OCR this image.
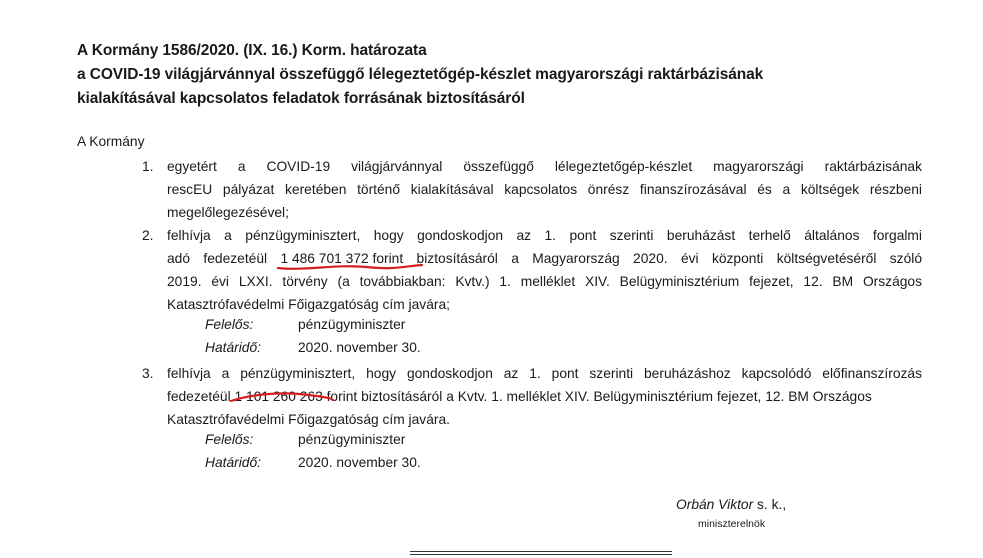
A Kormány 1586/2020. (IX. 16.) Korm. határozata
a COVID-19 világjárvánnyal összefüggő lélegeztetőgép-készlet magyarországi raktárbázisának
kialakításával kapcsolatos feladatok forrásának biztosításáról
A Kormány
1. egyetért a COVID-19 világjárvánnyal összefüggő lélegeztetőgép-készlet magyarországi raktárbázisának
rescEU pályázat keretében történő kialakításával kapcsolatos önrész finanszírozásával és a költségek részbeni
megelőlegezésével;
2. felhívja a pénzügyminisztert, hogy gondoskodjon az 1. pont szerinti beruházást terhelő általános forgalmi
adó fedezetéül 1 486 701 372 forint
biztosításáról a Magyarország 2020. évi központi költségvetéséről szóló
2019. évi LXXI. törvény (a továbbiakban: Kvtv.) 1. melléklet XIV. Belügyminisztérium fejezet, 12. BM Országos
Katasztrófavédelmi Főigazgatóság cím javára;
Felelős:	pénzügyminiszter
Határidő:	2020. november 30.
3. felhívja a pénzügyminisztert, hogy gondoskodjon az 1. pont szerinti beruházáshoz kapcsolódó előfinanszírozás
fedezetéül 1 101 260 263
forint biztosításáról a Kvtv. 1. melléklet XIV. Belügyminisztérium fejezet, 12. BM Országos
Katasztrófavédelmi Főigazgatóság cím javára.
Felelős:	pénzügyminiszter
Határidő:	2020. november 30.
Orbán Viktor s. k.,
miniszterelnök
